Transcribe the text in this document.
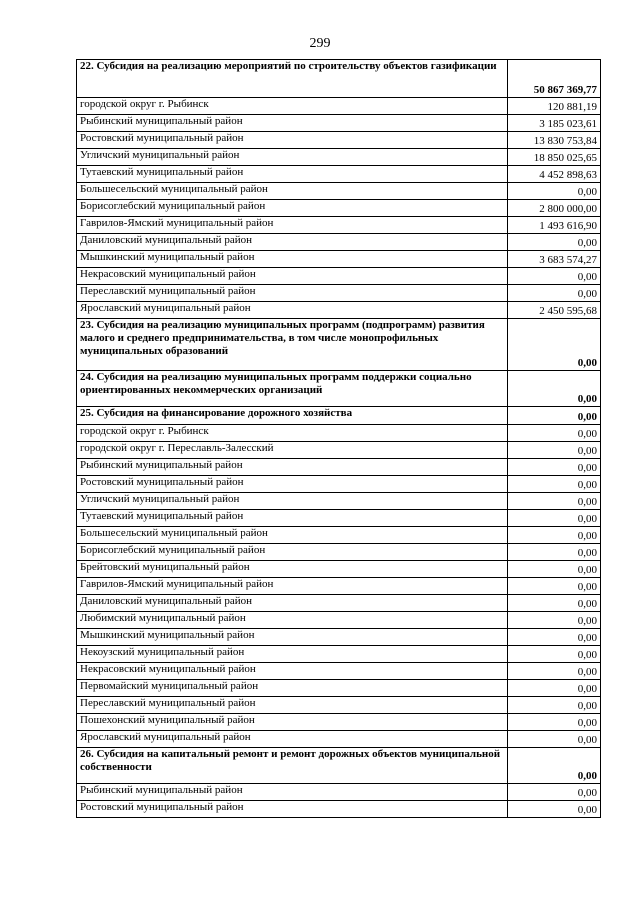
299
22. Субсидия на реализацию мероприятий по строительству объектов газификации	50 867 369,77
городской округ г. Рыбинск	120 881,19
Рыбинский муниципальный район	3 185 023,61
Ростовский муниципальный район	13 830 753,84
Угличский муниципальный район	18 850 025,65
Тутаевский муниципальный район	4 452 898,63
Большесельский муниципальный район	0,00
Борисоглебский муниципальный район	2 800 000,00
Гаврилов-Ямский муниципальный район	1 493 616,90
Даниловский муниципальный район	0,00
Мышкинский муниципальный район	3 683 574,27
Некрасовский муниципальный район	0,00
Переславский муниципальный район	0,00
Ярославский муниципальный район	2 450 595,68
23. Субсидия на реализацию муниципальных программ (подпрограмм) развития малого и среднего предпринимательства, в том числе монопрофильных муниципальных образований	0,00
24. Субсидия на реализацию муниципальных программ поддержки социально ориентированных некоммерческих организаций	0,00
25. Субсидия на финансирование дорожного хозяйства	0,00
городской округ г. Рыбинск	0,00
городской округ г. Переславль-Залесский	0,00
Рыбинский муниципальный район	0,00
Ростовский муниципальный район	0,00
Угличский муниципальный район	0,00
Тутаевский муниципальный район	0,00
Большесельский муниципальный район	0,00
Борисоглебский муниципальный район	0,00
Брейтовский муниципальный район	0,00
Гаврилов-Ямский муниципальный район	0,00
Даниловский муниципальный район	0,00
Любимский муниципальный район	0,00
Мышкинский муниципальный район	0,00
Некоузский муниципальный район	0,00
Некрасовский муниципальный район	0,00
Первомайский муниципальный район	0,00
Переславский муниципальный район	0,00
Пошехонский муниципальный район	0,00
Ярославский муниципальный район	0,00
26. Субсидия на капитальный ремонт и ремонт дорожных объектов муниципальной собственности	0,00
Рыбинский муниципальный район	0,00
Ростовский муниципальный район	0,00
